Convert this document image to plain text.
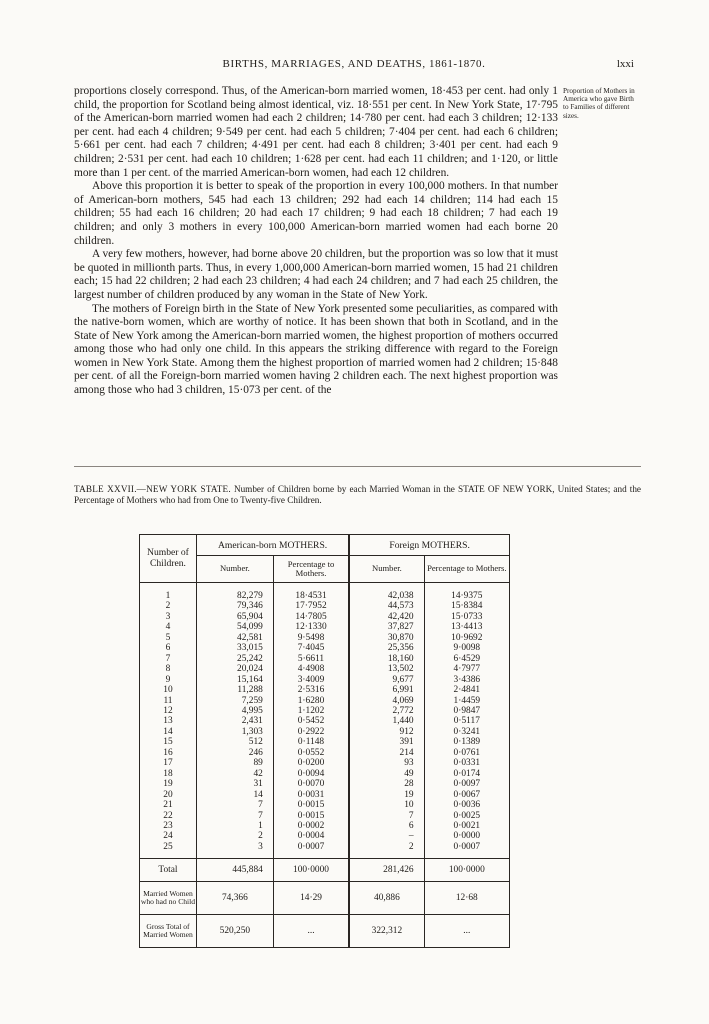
BIRTHS, MARRIAGES, AND DEATHS, 1861-1870.	lxxi

proportions closely correspond. Thus, of the American-born married women, 18·453 per cent. had only 1 child, the proportion for Scotland being almost identical, viz. 18·551 per cent. In New York State, 17·795 of the American-born married women had each 2 children; 14·780 per cent. had each 3 children; 12·133 per cent. had each 4 children; 9·549 per cent. had each 5 children; 7·404 per cent. had each 6 children; 5·661 per cent. had each 7 children; 4·491 per cent. had each 8 children; 3·401 per cent. had each 9 children; 2·531 per cent. had each 10 children; 1·628 per cent. had each 11 children; and 1·120, or little more than 1 per cent. of the married American-born women, had each 12 children.

Above this proportion it is better to speak of the proportion in every 100,000 mothers. In that number of American-born mothers, 545 had each 13 children; 292 had each 14 children; 114 had each 15 children; 55 had each 16 children; 20 had each 17 children; 9 had each 18 children; 7 had each 19 children; and only 3 mothers in every 100,000 American-born married women had each borne 20 children.

A very few mothers, however, had borne above 20 children, but the proportion was so low that it must be quoted in millionth parts. Thus, in every 1,000,000 American-born married women, 15 had 21 children each; 15 had 22 children; 2 had each 23 children; 4 had each 24 children; and 7 had each 25 children, the largest number of children produced by any woman in the State of New York.

The mothers of Foreign birth in the State of New York presented some peculiarities, as compared with the native-born women, which are worthy of notice. It has been shown that both in Scotland, and in the State of New York among the American-born married women, the highest proportion of mothers occurred among those who had only one child. In this appears the striking difference with regard to the Foreign women in New York State. Among them the highest proportion of married women had 2 children; 15·848 per cent. of all the Foreign-born married women having 2 children each. The next highest proportion was among those who had 3 children, 15·073 per cent. of the

Proportion of Mothers in America who gave Birth to Families of different sizes.
TABLE XXVII.—NEW YORK STATE. Number of Children borne by each Married Woman in the STATE OF NEW YORK, United States; and the Percentage of Mothers who had from One to Twenty-five Children.
Number of Children.	American-born MOTHERS.		Foreign MOTHERS.	
	Number.	Percentage to Mothers.	Number.	Percentage to Mothers.
1	82,279	18·4531	42,038	14·9375
2	79,346	17·7952	44,573	15·8384
3	65,904	14·7805	42,420	15·0733
4	54,099	12·1330	37,827	13·4413
5	42,581	9·5498	30,870	10·9692
6	33,015	7·4045	25,356	9·0098
7	25,242	5·6611	18,160	6·4529
8	20,024	4·4908	13,502	4·7977
9	15,164	3·4009	9,677	3·4386
10	11,288	2·5316	6,991	2·4841
11	7,259	1·6280	4,069	1·4459
12	4,995	1·1202	2,772	0·9847
13	2,431	0·5452	1,440	0·5117
14	1,303	0·2922	912	0·3241
15	512	0·1148	391	0·1389
16	246	0·0552	214	0·0761
17	89	0·0200	93	0·0331
18	42	0·0094	49	0·0174
19	31	0·0070	28	0·0097
20	14	0·0031	19	0·0067
21	7	0·0015	10	0·0036
22	7	0·0015	7	0·0025
23	1	0·0002	6	0·0021
24	2	0·0004	–	0·0000
25	3	0·0007	2	0·0007
Total	445,884	100·0000	281,426	100·0000
Married Women who had no Child	74,366	14·29	40,886	12·68
Gross Total of Married Women	520,250	...	322,312	...
